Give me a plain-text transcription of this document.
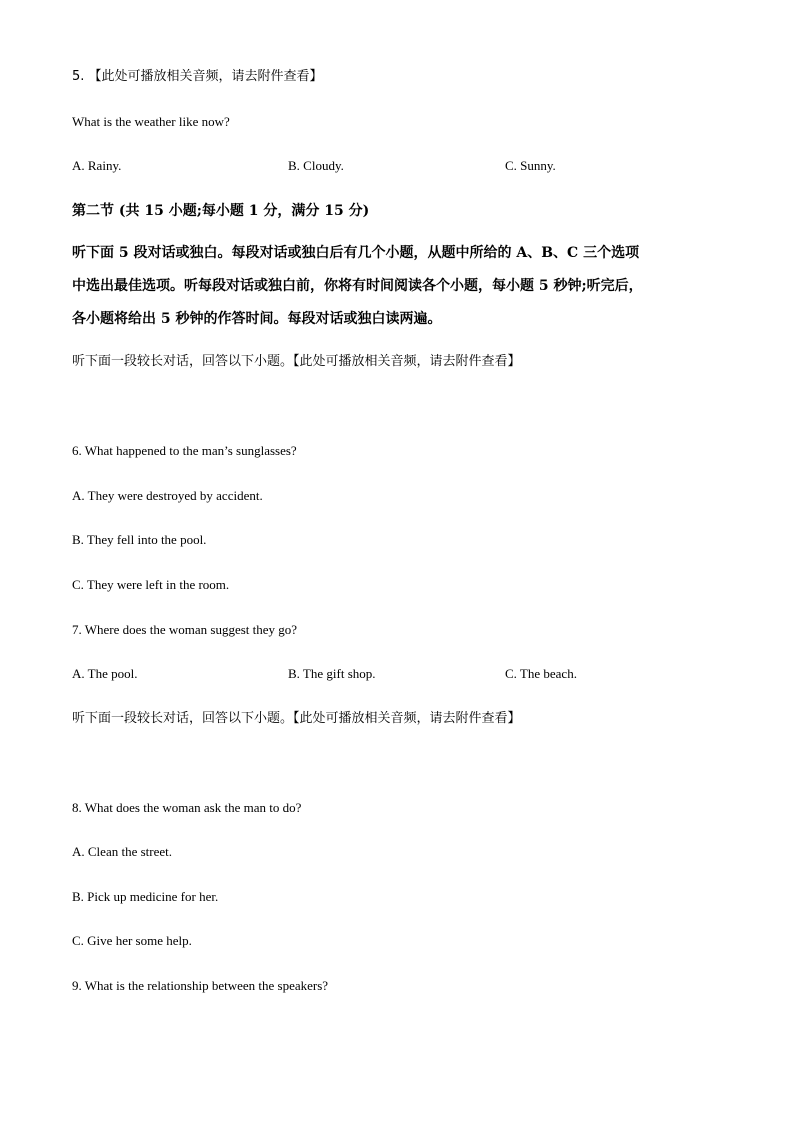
5. 【此处可播放相关音频，请去附件查看】
What is the weather like now?
A. Rainy.	B. Cloudy.	C. Sunny.
第二节 (共 15 小题;每小题 1 分，满分 15 分)
听下面 5 段对话或独白。每段对话或独白后有几个小题，从题中所给的 A、B、C 三个选项
中选出最佳选项。听每段对话或独白前，你将有时间阅读各个小题，每小题 5 秒钟;听完后，
各小题将给出 5 秒钟的作答时间。每段对话或独白读两遍。
听下面一段较长对话，回答以下小题。【此处可播放相关音频，请去附件查看】
6. What happened to the man’s sunglasses?
A. They were destroyed by accident.
B. They fell into the pool.
C. They were left in the room.
7. Where does the woman suggest they go?
A. The pool.	B. The gift shop.	C. The beach.
听下面一段较长对话，回答以下小题。【此处可播放相关音频，请去附件查看】
8. What does the woman ask the man to do?
A. Clean the street.
B. Pick up medicine for her.
C. Give her some help.
9. What is the relationship between the speakers?
